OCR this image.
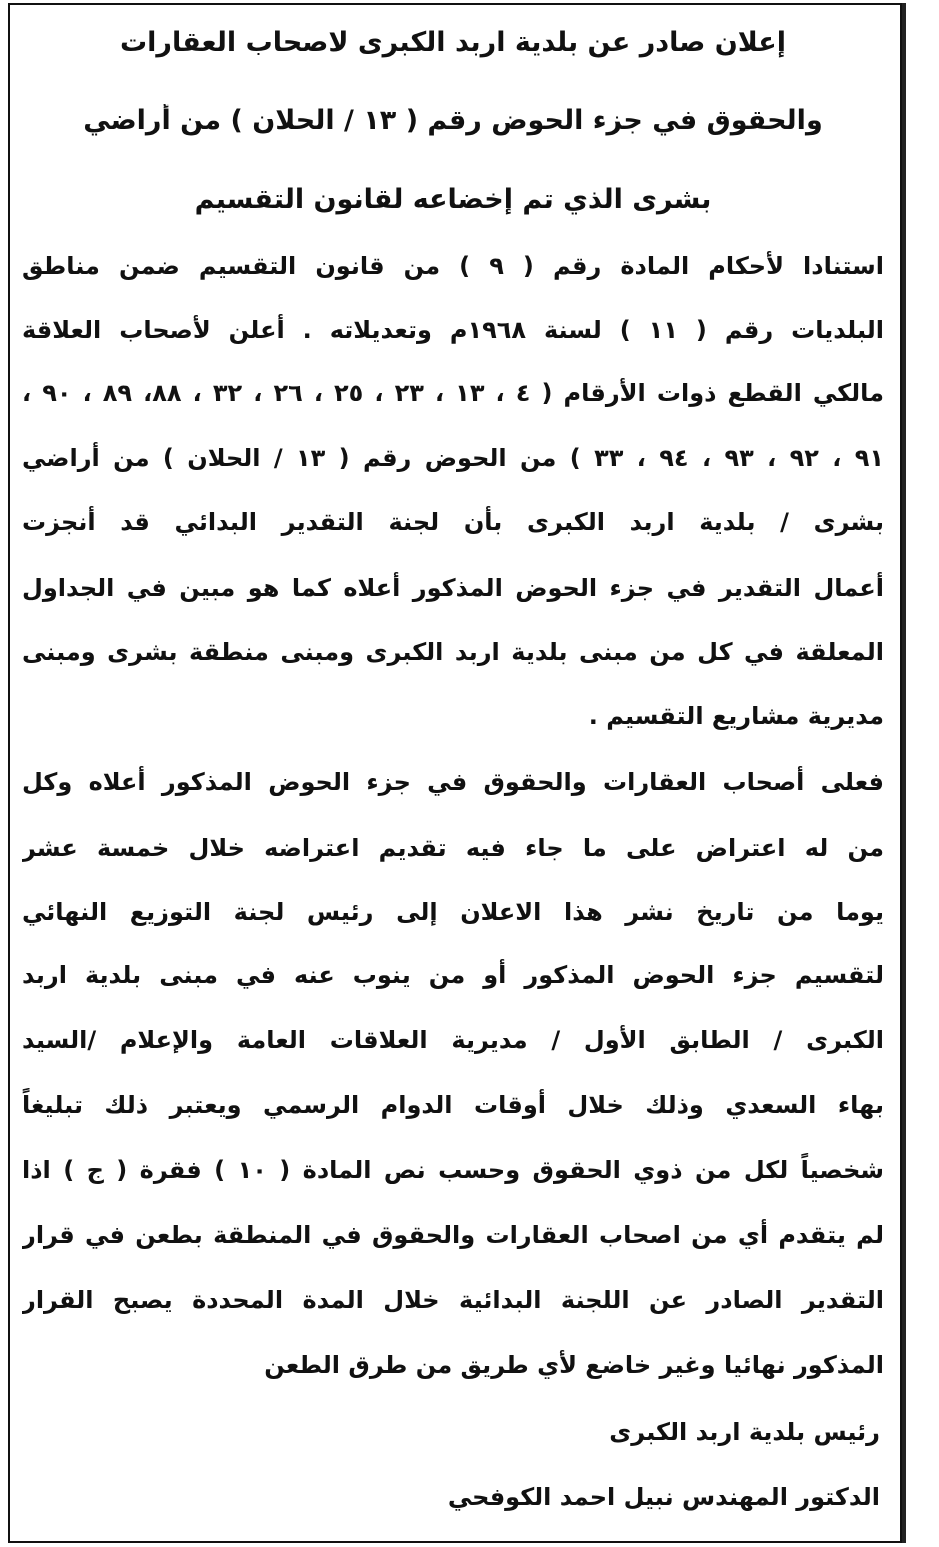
إعلان صادر عن بلدية اربد الكبرى لاصحاب العقارات
والحقوق في جزء الحوض رقم ( ١٣ / الحلان ) من أراضي
بشرى الذي تم إخضاعه لقانون التقسيم
استنادا لأحكام المادة رقم ( ٩ ) من قانون التقسيم ضمن مناطق
البلديات رقم ( ١١ ) لسنة ١٩٦٨م وتعديلاته . أعلن لأصحاب العلاقة
مالكي القطع ذوات الأرقام ( ٤ ، ١٣ ، ٢٣ ، ٢٥ ، ٢٦ ، ٣٢ ، ٨٨، ٨٩ ، ٩٠ ،
٩١ ، ٩٢ ، ٩٣ ، ٩٤ ، ٣٣ ) من الحوض رقم ( ١٣ / الحلان ) من أراضي
بشرى / بلدية اربد الكبرى بأن لجنة التقدير البدائي قد أنجزت
أعمال التقدير في جزء الحوض المذكور أعلاه كما هو مبين في الجداول
المعلقة في كل من مبنى بلدية اربد الكبرى ومبنى منطقة بشرى ومبنى
مديرية مشاريع التقسيم .
فعلى أصحاب العقارات والحقوق في جزء الحوض المذكور أعلاه وكل
من له اعتراض على ما جاء فيه تقديم اعتراضه خلال خمسة عشر
يوما من تاريخ نشر هذا الاعلان إلى رئيس لجنة التوزيع النهائي
لتقسيم جزء الحوض المذكور أو من ينوب عنه في مبنى بلدية اربد
الكبرى / الطابق الأول / مديرية العلاقات العامة والإعلام /السيد
بهاء السعدي وذلك خلال أوقات الدوام الرسمي ويعتبر ذلك تبليغاً
شخصياً لكل من ذوي الحقوق وحسب نص المادة ( ١٠ ) فقرة ( ج ) اذا
لم يتقدم أي من اصحاب العقارات والحقوق في المنطقة بطعن في قرار
التقدير الصادر عن اللجنة البدائية خلال المدة المحددة يصبح القرار
المذكور نهائيا وغير خاضع لأي طريق من طرق الطعن
رئيس بلدية اربد الكبرى
الدكتور المهندس نبيل احمد الكوفحي
